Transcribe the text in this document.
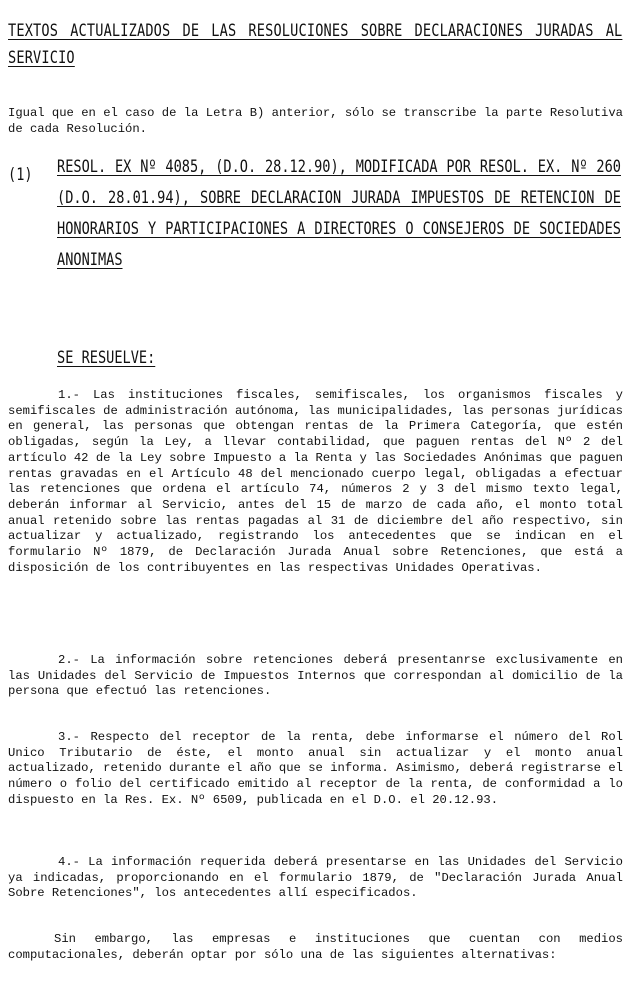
TEXTOS ACTUALIZADOS DE LAS RESOLUCIONES SOBRE DECLARACIONES JURADAS AL SERVICIO
Igual que en el caso de la Letra B) anterior, sólo se transcribe la parte Resolutiva de cada Resolución.
(1) RESOL. EX Nº 4085, (D.O. 28.12.90), MODIFICADA POR RESOL. EX. Nº 260 (D.O. 28.01.94), SOBRE DECLARACION JURADA IMPUESTOS DE RETENCION DE HONORARIOS Y PARTICIPACIONES A DIRECTORES O CONSEJEROS DE SOCIEDADES ANONIMAS
SE RESUELVE:
1.- Las instituciones fiscales, semifiscales, los organismos fiscales y semifiscales de administración autónoma, las municipalidades, las personas jurídicas en general, las personas que obtengan rentas de la Primera Categoría, que estén obligadas, según la Ley, a llevar contabilidad, que paguen rentas del Nº 2 del artículo 42 de la Ley sobre Impuesto a la Renta y las Sociedades Anónimas que paguen rentas gravadas en el Artículo 48 del mencionado cuerpo legal, obligadas a efectuar las retenciones que ordena el artículo 74, números 2 y 3 del mismo texto legal, deberán informar al Servicio, antes del 15 de marzo de cada año, el monto total anual retenido sobre las rentas pagadas al 31 de diciembre del año respectivo, sin actualizar y actualizado, registrando los antecedentes que se indican en el formulario Nº 1879, de Declaración Jurada Anual sobre Retenciones, que está a disposición de los contribuyentes en las respectivas Unidades Operativas.
2.- La información sobre retenciones deberá presentanrse exclusivamente en las Unidades del Servicio de Impuestos Internos que correspondan al domicilio de la persona que efectuó las retenciones.
3.- Respecto del receptor de la renta, debe informarse el número del Rol Unico Tributario de éste, el monto anual sin actualizar y el monto anual actualizado, retenido durante el año que se informa. Asimismo, deberá registrarse el número o folio del certificado emitido al receptor de la renta, de conformidad a lo dispuesto en la Res. Ex. Nº 6509, publicada en el D.O. el 20.12.93.
4.- La información requerida deberá presentarse en las Unidades del Servicio ya indicadas, proporcionando en el formulario 1879, de "Declaración Jurada Anual Sobre Retenciones", los antecedentes allí especificados.
Sin embargo, las empresas e instituciones que cuentan con medios computacionales, deberán optar por sólo una de las siguientes alternativas:
